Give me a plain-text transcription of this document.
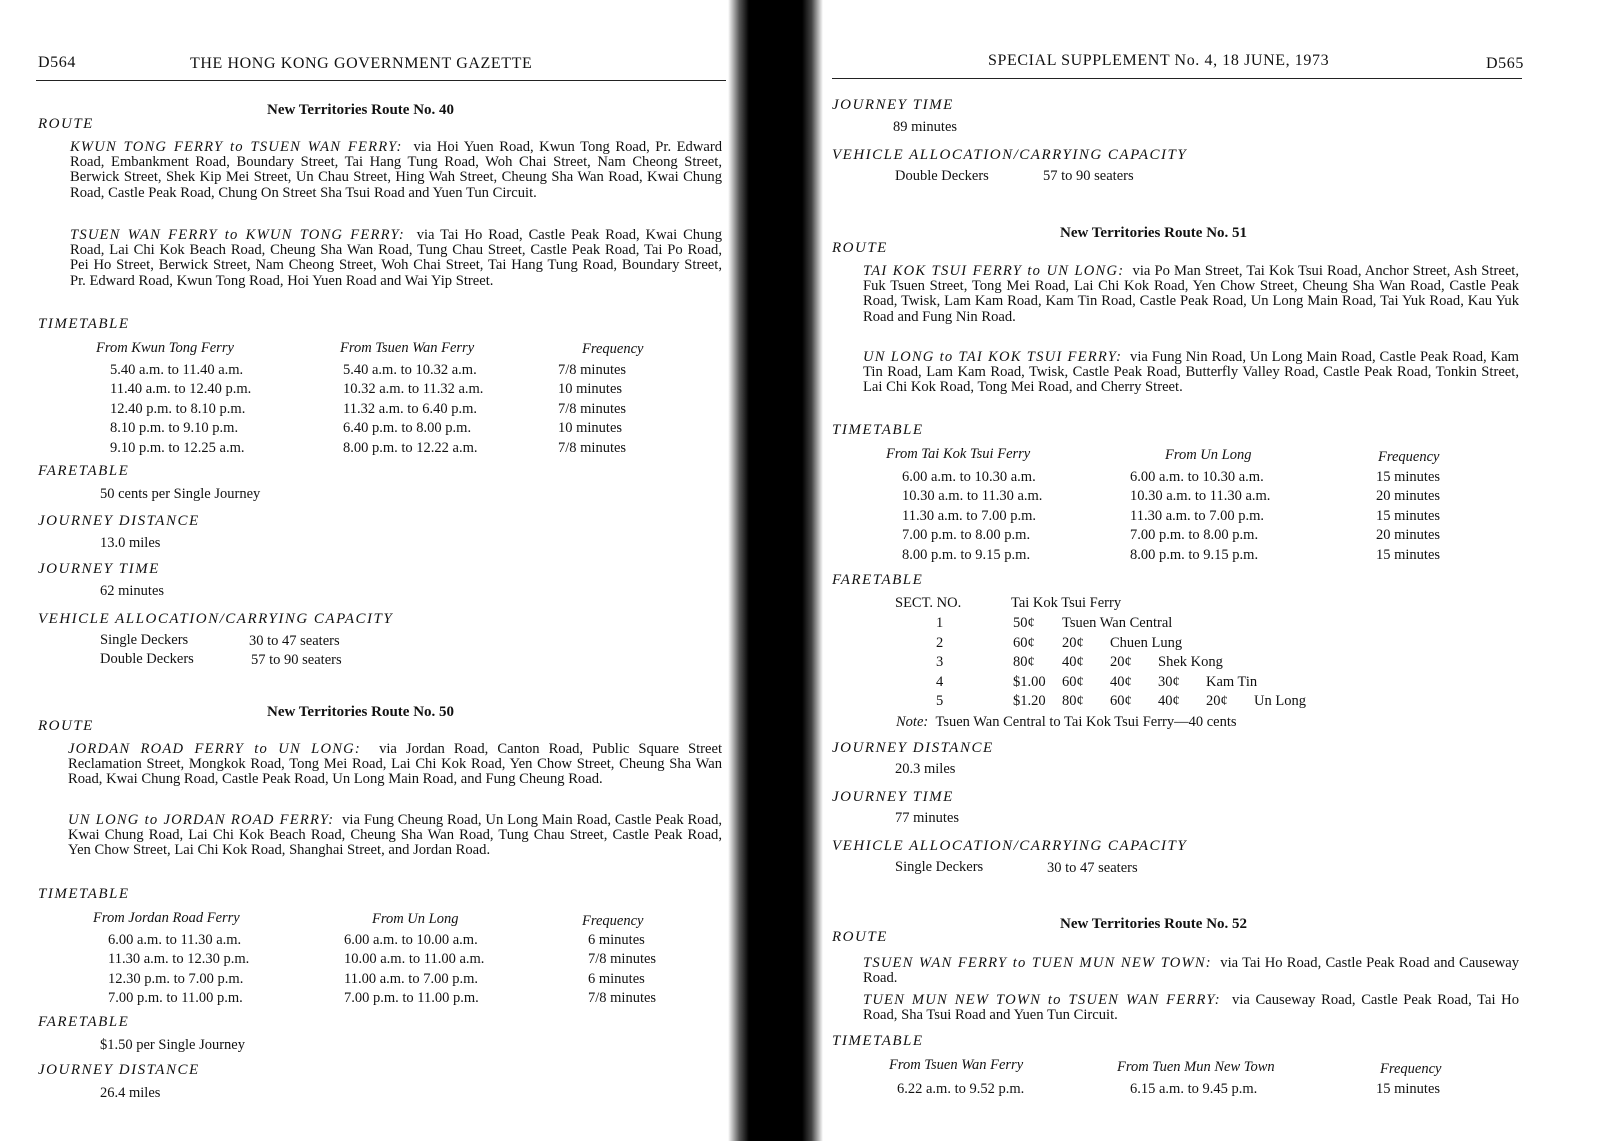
D564	THE HONG KONG GOVERNMENT GAZETTE
New Territories Route No. 40
ROUTE
KWUN TONG FERRY to TSUEN WAN FERRY: via Hoi Yuen Road, Kwun Tong Road, Pr. Edward Road, Embankment Road, Boundary Street, Tai Hang Tung Road, Woh Chai Street, Nam Cheong Street, Berwick Street, Shek Kip Mei Street, Un Chau Street, Hing Wah Street, Cheung Sha Wan Road, Kwai Chung Road, Castle Peak Road, Chung On Street Sha Tsui Road and Yuen Tun Circuit.
TSUEN WAN FERRY to KWUN TONG FERRY: via Tai Ho Road, Castle Peak Road, Kwai Chung Road, Lai Chi Kok Beach Road, Cheung Sha Wan Road, Tung Chau Street, Castle Peak Road, Tai Po Road, Pei Ho Street, Berwick Street, Nam Cheong Street, Woh Chai Street, Tai Hang Tung Road, Boundary Street, Pr. Edward Road, Kwun Tong Road, Hoi Yuen Road and Wai Yip Street.
TIMETABLE
From Kwun Tong Ferry	From Tsuen Wan Ferry	Frequency
5.40 a.m. to 11.40 a.m.	5.40 a.m. to 10.32 a.m.	7/8 minutes
11.40 a.m. to 12.40 p.m.	10.32 a.m. to 11.32 a.m.	10 minutes
12.40 p.m. to 8.10 p.m.	11.32 a.m. to 6.40 p.m.	7/8 minutes
8.10 p.m. to 9.10 p.m.	6.40 p.m. to 8.00 p.m.	10 minutes
9.10 p.m. to 12.25 a.m.	8.00 p.m. to 12.22 a.m.	7/8 minutes
FARETABLE
50 cents per Single Journey
JOURNEY DISTANCE
13.0 miles
JOURNEY TIME
62 minutes
VEHICLE ALLOCATION/CARRYING CAPACITY
Single Deckers	30 to 47 seaters
Double Deckers	57 to 90 seaters
New Territories Route No. 50
ROUTE
JORDAN ROAD FERRY to UN LONG: via Jordan Road, Canton Road, Public Square Street Reclamation Street, Mongkok Road, Tong Mei Road, Lai Chi Kok Road, Yen Chow Street, Cheung Sha Wan Road, Kwai Chung Road, Castle Peak Road, Un Long Main Road, and Fung Cheung Road.
UN LONG to JORDAN ROAD FERRY: via Fung Cheung Road, Un Long Main Road, Castle Peak Road, Kwai Chung Road, Lai Chi Kok Beach Road, Cheung Sha Wan Road, Tung Chau Street, Castle Peak Road, Yen Chow Street, Lai Chi Kok Road, Shanghai Street, and Jordan Road.
TIMETABLE
From Jordan Road Ferry	From Un Long	Frequency
6.00 a.m. to 11.30 a.m.	6.00 a.m. to 10.00 a.m.	6 minutes
11.30 a.m. to 12.30 p.m.	10.00 a.m. to 11.00 a.m.	7/8 minutes
12.30 p.m. to 7.00 p.m.	11.00 a.m. to 7.00 p.m.	6 minutes
7.00 p.m. to 11.00 p.m.	7.00 p.m. to 11.00 p.m.	7/8 minutes
FARETABLE
$1.50 per Single Journey
JOURNEY DISTANCE
26.4 miles
SPECIAL SUPPLEMENT No. 4, 18 JUNE, 1973	D565
JOURNEY TIME
89 minutes
VEHICLE ALLOCATION/CARRYING CAPACITY
Double Deckers	57 to 90 seaters
New Territories Route No. 51
ROUTE
TAI KOK TSUI FERRY to UN LONG: via Po Man Street, Tai Kok Tsui Road, Anchor Street, Ash Street, Fuk Tsuen Street, Tong Mei Road, Lai Chi Kok Road, Yen Chow Street, Cheung Sha Wan Road, Castle Peak Road, Twisk, Lam Kam Road, Kam Tin Road, Castle Peak Road, Un Long Main Road, Tai Yuk Road, Kau Yuk Road and Fung Nin Road.
UN LONG to TAI KOK TSUI FERRY: via Fung Nin Road, Un Long Main Road, Castle Peak Road, Kam Tin Road, Lam Kam Road, Twisk, Castle Peak Road, Butterfly Valley Road, Castle Peak Road, Tonkin Street, Lai Chi Kok Road, Tong Mei Road, and Cherry Street.
TIMETABLE
From Tai Kok Tsui Ferry	From Un Long	Frequency
6.00 a.m. to 10.30 a.m.	6.00 a.m. to 10.30 a.m.	15 minutes
10.30 a.m. to 11.30 a.m.	10.30 a.m. to 11.30 a.m.	20 minutes
11.30 a.m. to 7.00 p.m.	11.30 a.m. to 7.00 p.m.	15 minutes
7.00 p.m. to 8.00 p.m.	7.00 p.m. to 8.00 p.m.	20 minutes
8.00 p.m. to 9.15 p.m.	8.00 p.m. to 9.15 p.m.	15 minutes
FARETABLE
SECT. NO.	Tai Kok Tsui Ferry
1	50¢ Tsuen Wan Central
2	60¢ 20¢ Chuen Lung
3	80¢ 40¢ 20¢ Shek Kong
4	$1.00 60¢ 40¢ 30¢ Kam Tin
5	$1.20 80¢ 60¢ 40¢ 20¢ Un Long
Note: Tsuen Wan Central to Tai Kok Tsui Ferry—40 cents
JOURNEY DISTANCE
20.3 miles
JOURNEY TIME
77 minutes
VEHICLE ALLOCATION/CARRYING CAPACITY
Single Deckers	30 to 47 seaters
New Territories Route No. 52
ROUTE
TSUEN WAN FERRY to TUEN MUN NEW TOWN: via Tai Ho Road, Castle Peak Road and Causeway Road.
TUEN MUN NEW TOWN to TSUEN WAN FERRY: via Causeway Road, Castle Peak Road, Tai Ho Road, Sha Tsui Road and Yuen Tun Circuit.
TIMETABLE
From Tsuen Wan Ferry	From Tuen Mun New Town	Frequency
6.22 a.m. to 9.52 p.m.	6.15 a.m. to 9.45 p.m.	15 minutes
